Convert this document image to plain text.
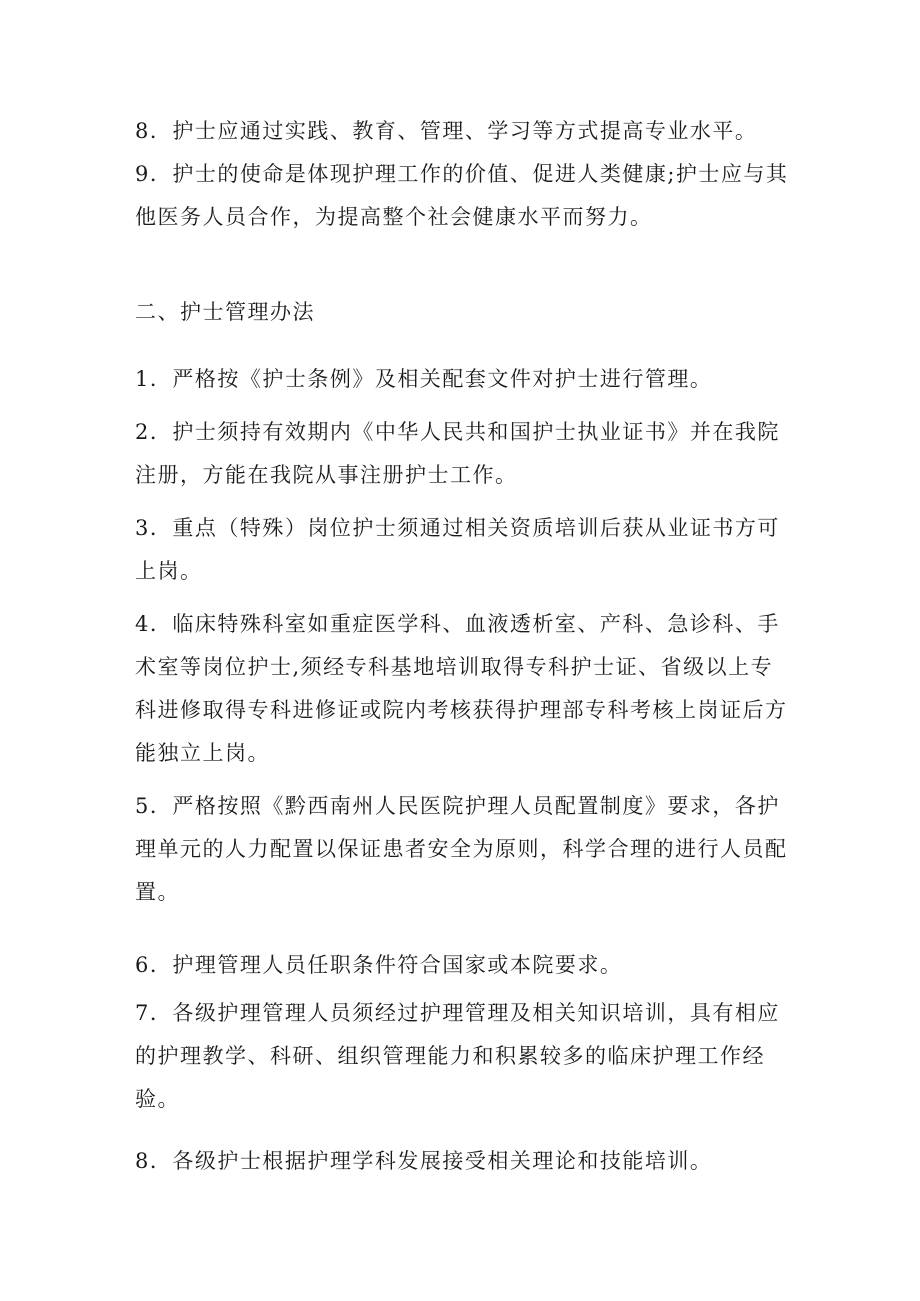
8．护士应通过实践、教育、管理、学习等方式提高专业水平。

9．护士的使命是体现护理工作的价值、促进人类健康;护士应与其他医务人员合作，为提高整个社会健康水平而努力。

二、护士管理办法

1．严格按《护士条例》及相关配套文件对护士进行管理。

2．护士须持有效期内《中华人民共和国护士执业证书》并在我院注册，方能在我院从事注册护士工作。

3．重点（特殊）岗位护士须通过相关资质培训后获从业证书方可上岗。

4．临床特殊科室如重症医学科、血液透析室、产科、急诊科、手术室等岗位护士,须经专科基地培训取得专科护士证、省级以上专科进修取得专科进修证或院内考核获得护理部专科考核上岗证后方能独立上岗。

5．严格按照《黔西南州人民医院护理人员配置制度》要求，各护理单元的人力配置以保证患者安全为原则，科学合理的进行人员配置。

6．护理管理人员任职条件符合国家或本院要求。

7．各级护理管理人员须经过护理管理及相关知识培训，具有相应的护理教学、科研、组织管理能力和积累较多的临床护理工作经验。

8．各级护士根据护理学科发展接受相关理论和技能培训。
